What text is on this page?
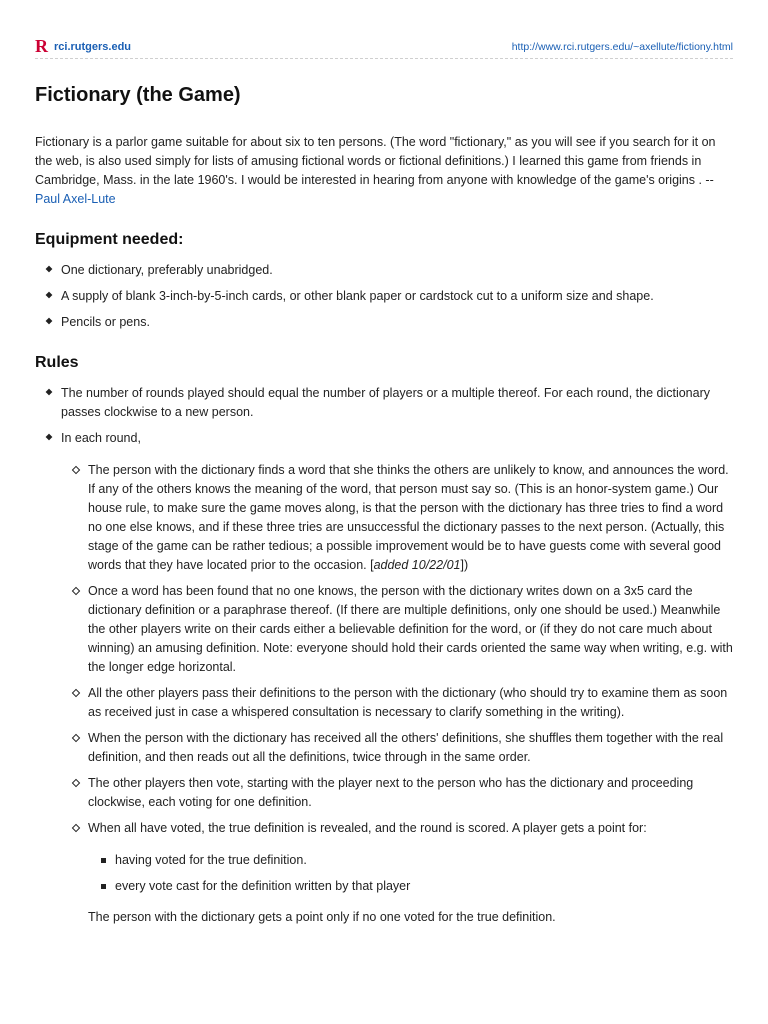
R rci.rutgers.edu	http://www.rci.rutgers.edu/~axellute/fictiony.html
Fictionary (the Game)

Fictionary is a parlor game suitable for about six to ten persons. (The word "fictionary," as you will see if you search for it on the web, is also used simply for lists of amusing fictional words or fictional definitions.) I learned this game from friends in Cambridge, Mass. in the late 1960's. I would be interested in hearing from anyone with knowledge of the game's origins . -- Paul Axel-Lute

Equipment needed:
One dictionary, preferably unabridged.
A supply of blank 3-inch-by-5-inch cards, or other blank paper or cardstock cut to a uniform size and shape.
Pencils or pens.
Rules
The number of rounds played should equal the number of players or a multiple thereof. For each round, the dictionary passes clockwise to a new person.
In each round,
The person with the dictionary finds a word that she thinks the others are unlikely to know, and announces the word. If any of the others knows the meaning of the word, that person must say so. (This is an honor-system game.) Our house rule, to make sure the game moves along, is that the person with the dictionary has three tries to find a word no one else knows, and if these three tries are unsuccessful the dictionary passes to the next person. (Actually, this stage of the game can be rather tedious; a possible improvement would be to have guests come with several good words that they have located prior to the occasion. [added 10/22/01])
Once a word has been found that no one knows, the person with the dictionary writes down on a 3x5 card the dictionary definition or a paraphrase thereof. (If there are multiple definitions, only one should be used.) Meanwhile the other players write on their cards either a believable definition for the word, or (if they do not care much about winning) an amusing definition. Note: everyone should hold their cards oriented the same way when writing, e.g. with the longer edge horizontal.
All the other players pass their definitions to the person with the dictionary (who should try to examine them as soon as received just in case a whispered consultation is necessary to clarify something in the writing).
When the person with the dictionary has received all the others' definitions, she shuffles them together with the real definition, and then reads out all the definitions, twice through in the same order.
The other players then vote, starting with the player next to the person who has the dictionary and proceeding clockwise, each voting for one definition.
When all have voted, the true definition is revealed, and the round is scored. A player gets a point for:
having voted for the true definition.
every vote cast for the definition written by that player
The person with the dictionary gets a point only if no one voted for the true definition.
